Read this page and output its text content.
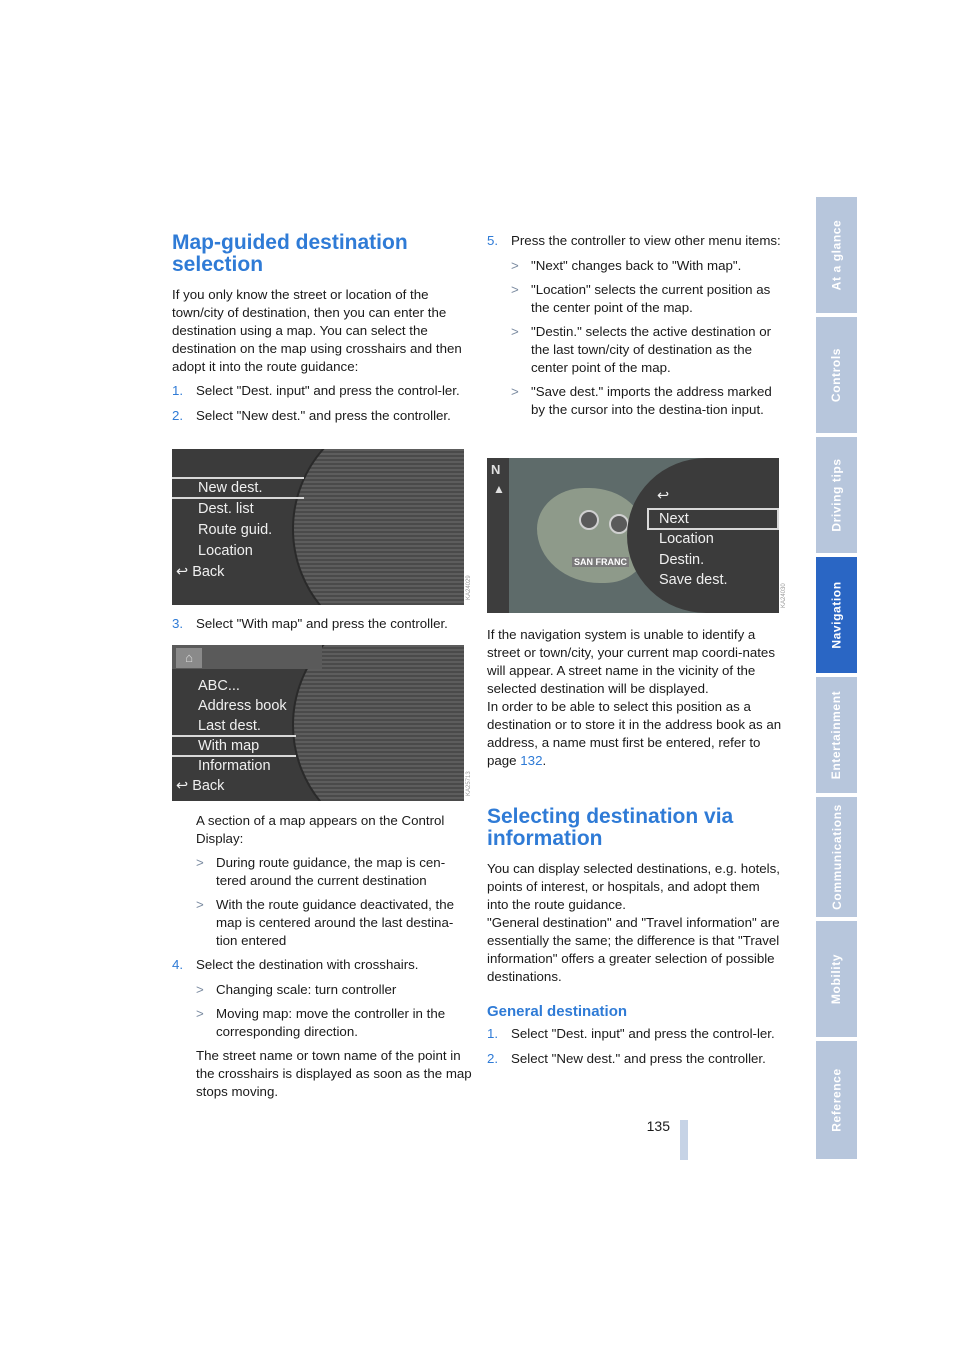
At a glance
Controls
Driving tips
Navigation
Entertainment
Communications
Mobility
Reference
Map-guided destination
selection

If you only know the street or location of the town/city of destination, then you can enter the destination using a map. You can select the destination on the map using crosshairs and then adopt it into the route guidance:

1. Select "Dest. input" and press the control-ler.
2. Select "New dest." and press the controller.
New dest.
Dest. list
Route guid.
Location
↩ Back
KA24029
3. Select "With map" and press the controller.
⌂
ABC...
Address book
Last dest.
With map
Information
↩ Back	KA25713

A section of a map appears on the Control Display:

> During route guidance, the map is cen-tered around the current destination
> With the route guidance deactivated, the map is centered around the last destina-tion entered
4. Select the destination with crosshairs.
> Changing scale: turn controller
> Moving map: move the controller in the corresponding direction.

The street name or town name of the point in the crosshairs is displayed as soon as the map stops moving.

5. Press the controller to view other menu items:
> "Next" changes back to "With map".
> "Location" selects the current position as the center point of the map.
> "Destin." selects the active destination or the last town/city of destination as the center point of the map.
> "Save dest." imports the address marked by the cursor into the destina-tion input.
N
▲
SAN FRANC
↩
Next
Location
Destin.
Save dest.
KA24030

If the navigation system is unable to identify a street or town/city, your current map coordi-nates will appear. A street name in the vicinity of the selected destination will be displayed.

In order to be able to select this position as a destination or to store it in the address book as an address, a name must first be entered, refer to page 132.

Selecting destination via
information

You can display selected destinations, e.g. hotels, points of interest, or hospitals, and adopt them into the route guidance.

"General destination" and "Travel information" are essentially the same; the difference is that "Travel information" offers a greater selection of possible destinations.

General destination
1. Select "Dest. input" and press the control-ler.
2. Select "New dest." and press the controller.
135
